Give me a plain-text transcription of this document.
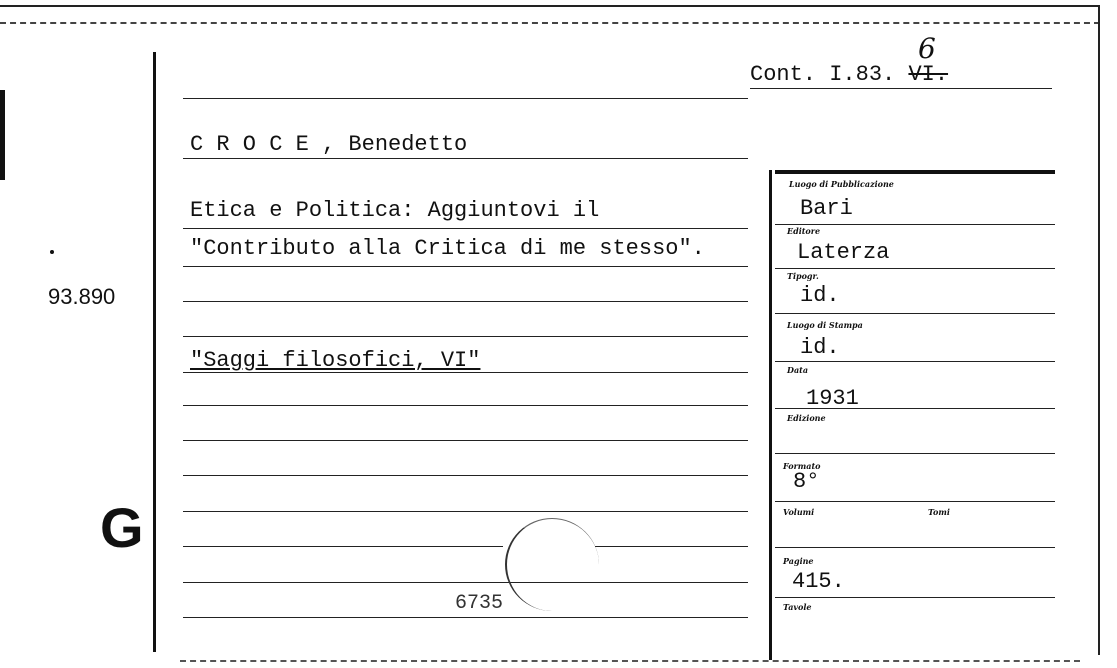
93.890
G
6
Cont. I.83. VI.
C R O C E , Benedetto
Etica e Politica: Aggiuntovi il
"Contributo alla Critica di me stesso".
"Saggi filosofici, VI"
6735
Luogo di Pubblicazione
Editore
Tipogr.
Luogo di Stampa
Data
Edizione
Formato
Volumi	Tomi
Pagine
Tavole
Bari
Laterza
id.
id.
1931
8°
415.
